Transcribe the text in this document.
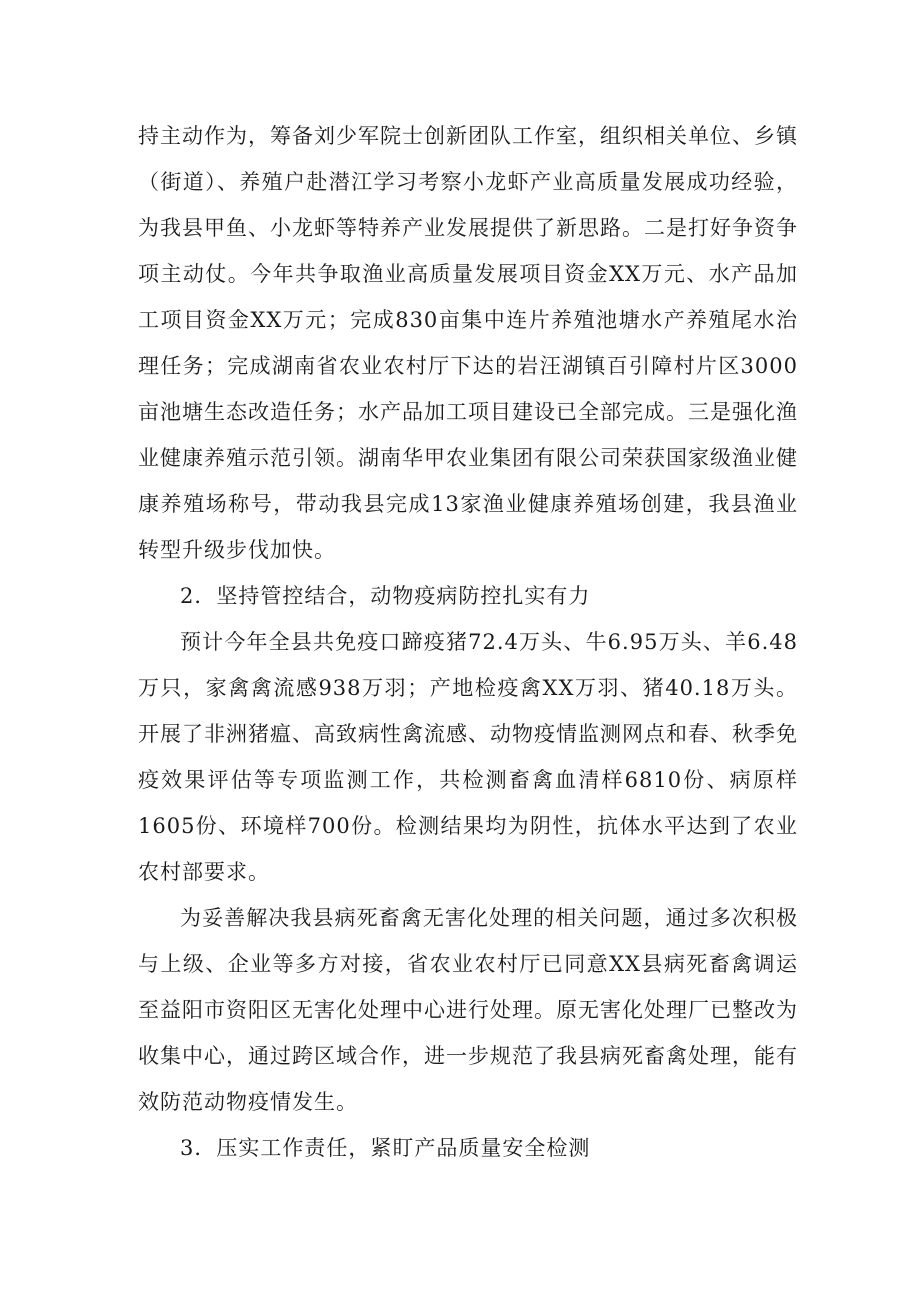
持主动作为，筹备刘少军院士创新团队工作室，组织相关单位、乡镇（街道）、养殖户赴潜江学习考察小龙虾产业高质量发展成功经验，为我县甲鱼、小龙虾等特养产业发展提供了新思路。二是打好争资争项主动仗。今年共争取渔业高质量发展项目资金XX万元、水产品加工项目资金XX万元；完成830亩集中连片养殖池塘水产养殖尾水治理任务；完成湖南省农业农村厅下达的岩汪湖镇百引障村片区3000亩池塘生态改造任务；水产品加工项目建设已全部完成。三是强化渔业健康养殖示范引领。湖南华甲农业集团有限公司荣获国家级渔业健康养殖场称号，带动我县完成13家渔业健康养殖场创建，我县渔业转型升级步伐加快。

2．坚持管控结合，动物疫病防控扎实有力

预计今年全县共免疫口蹄疫猪72.4万头、牛6.95万头、羊6.48万只，家禽禽流感938万羽；产地检疫禽XX万羽、猪40.18万头。开展了非洲猪瘟、高致病性禽流感、动物疫情监测网点和春、秋季免疫效果评估等专项监测工作，共检测畜禽血清样6810份、病原样1605份、环境样700份。检测结果均为阴性，抗体水平达到了农业农村部要求。

为妥善解决我县病死畜禽无害化处理的相关问题，通过多次积极与上级、企业等多方对接，省农业农村厅已同意XX县病死畜禽调运至益阳市资阳区无害化处理中心进行处理。原无害化处理厂已整改为收集中心，通过跨区域合作，进一步规范了我县病死畜禽处理，能有效防范动物疫情发生。

3．压实工作责任，紧盯产品质量安全检测
